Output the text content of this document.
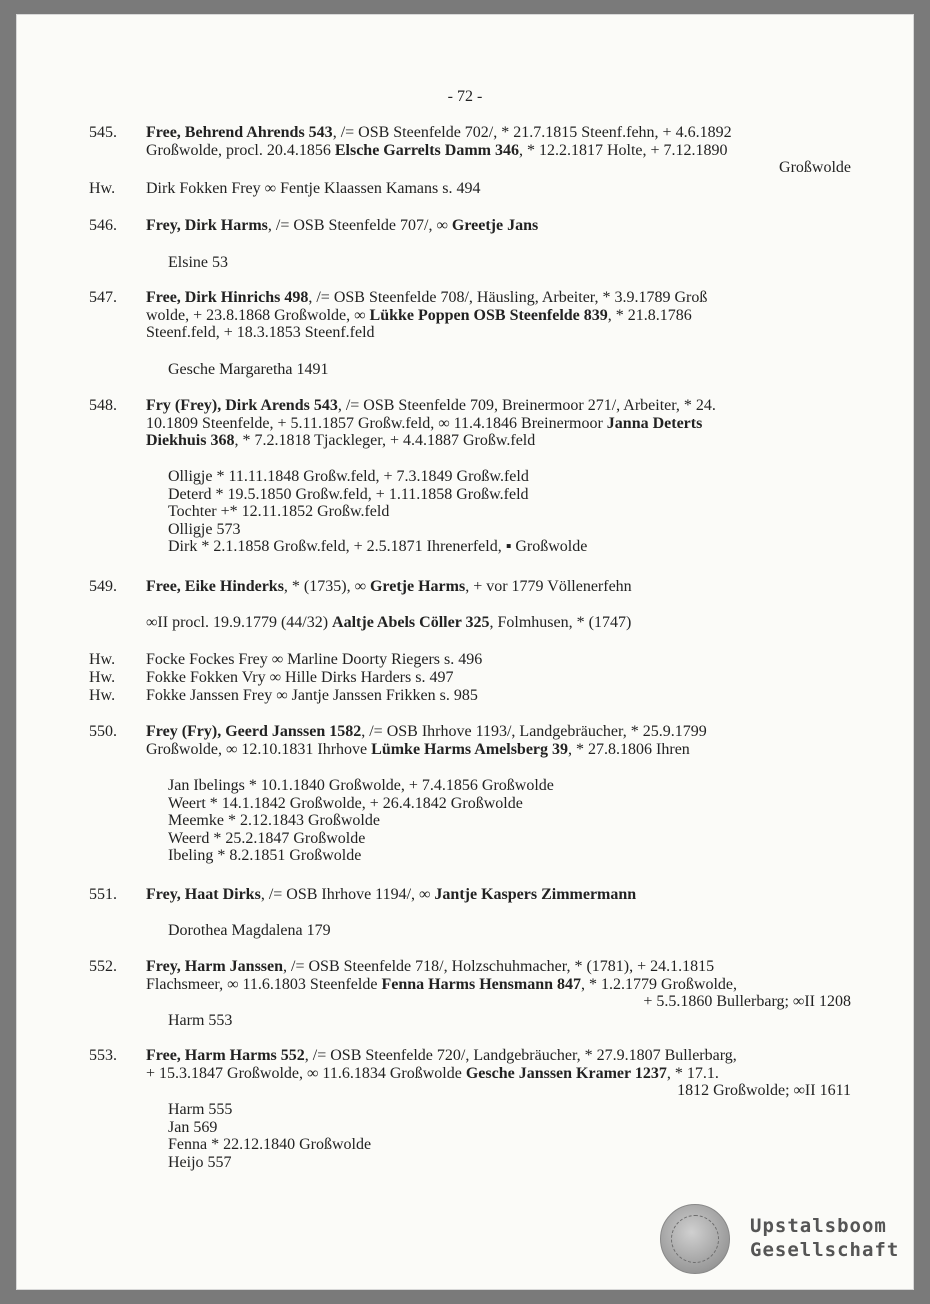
- 72 -
545.	Free, Behrend Ahrends 543, /= OSB Steenfelde 702/, * 21.7.1815 Steenf.fehn, + 4.6.1892
Großwolde, procl. 20.4.1856 Elsche Garrelts Damm 346, * 12.2.1817 Holte, + 7.12.1890
Großwolde
Hw.	Dirk Fokken Frey ∞ Fentje Klaassen Kamans s. 494
546.	Frey, Dirk Harms, /= OSB Steenfelde 707/, ∞ Greetje Jans
Elsine 53
547.	Free, Dirk Hinrichs 498, /= OSB Steenfelde 708/, Häusling, Arbeiter, * 3.9.1789 Groß
wolde, + 23.8.1868 Großwolde, ∞ Lükke Poppen OSB Steenfelde 839, * 21.8.1786
Steenf.feld, + 18.3.1853 Steenf.feld
Gesche Margaretha 1491
548.	Fry (Frey), Dirk Arends 543, /= OSB Steenfelde 709, Breinermoor 271/, Arbeiter, * 24.
10.1809 Steenfelde, + 5.11.1857 Großw.feld, ∞ 11.4.1846 Breinermoor Janna Deterts
Diekhuis 368, * 7.2.1818 Tjackleger, + 4.4.1887 Großw.feld
Olligje * 11.11.1848 Großw.feld, + 7.3.1849 Großw.feld
Deterd * 19.5.1850 Großw.feld, + 1.11.1858 Großw.feld
Tochter +* 12.11.1852 Großw.feld
Olligje 573
Dirk * 2.1.1858 Großw.feld, + 2.5.1871 Ihrenerfeld, ▪ Großwolde
549.	Free, Eike Hinderks, * (1735), ∞ Gretje Harms, + vor 1779 Völlenerfehn
∞II procl. 19.9.1779 (44/32) Aaltje Abels Cöller 325, Folmhusen, * (1747)
Hw.	Focke Fockes Frey ∞ Marline Doorty Riegers s. 496
Hw.	Fokke Fokken Vry ∞ Hille Dirks Harders s. 497
Hw.	Fokke Janssen Frey ∞ Jantje Janssen Frikken s. 985
550.	Frey (Fry), Geerd Janssen 1582, /= OSB Ihrhove 1193/, Landgebräucher, * 25.9.1799
Großwolde, ∞ 12.10.1831 Ihrhove Lümke Harms Amelsberg 39, * 27.8.1806 Ihren
Jan Ibelings * 10.1.1840 Großwolde, + 7.4.1856 Großwolde
Weert * 14.1.1842 Großwolde, + 26.4.1842 Großwolde
Meemke * 2.12.1843 Großwolde
Weerd * 25.2.1847 Großwolde
Ibeling * 8.2.1851 Großwolde
551.	Frey, Haat Dirks, /= OSB Ihrhove 1194/, ∞ Jantje Kaspers Zimmermann
Dorothea Magdalena 179
552.	Frey, Harm Janssen, /= OSB Steenfelde 718/, Holzschuhmacher, * (1781), + 24.1.1815
Flachsmeer, ∞ 11.6.1803 Steenfelde Fenna Harms Hensmann 847, * 1.2.1779 Großwolde,
+ 5.5.1860 Bullerbarg; ∞II 1208
Harm 553
553.	Free, Harm Harms 552, /= OSB Steenfelde 720/, Landgebräucher, * 27.9.1807 Bullerbarg,
+ 15.3.1847 Großwolde, ∞ 11.6.1834 Großwolde Gesche Janssen Kramer 1237, * 17.1.
1812 Großwolde; ∞II 1611
Harm 555
Jan 569
Fenna * 22.12.1840 Großwolde
Heijo 557
Upstalsboom
Gesellschaft
